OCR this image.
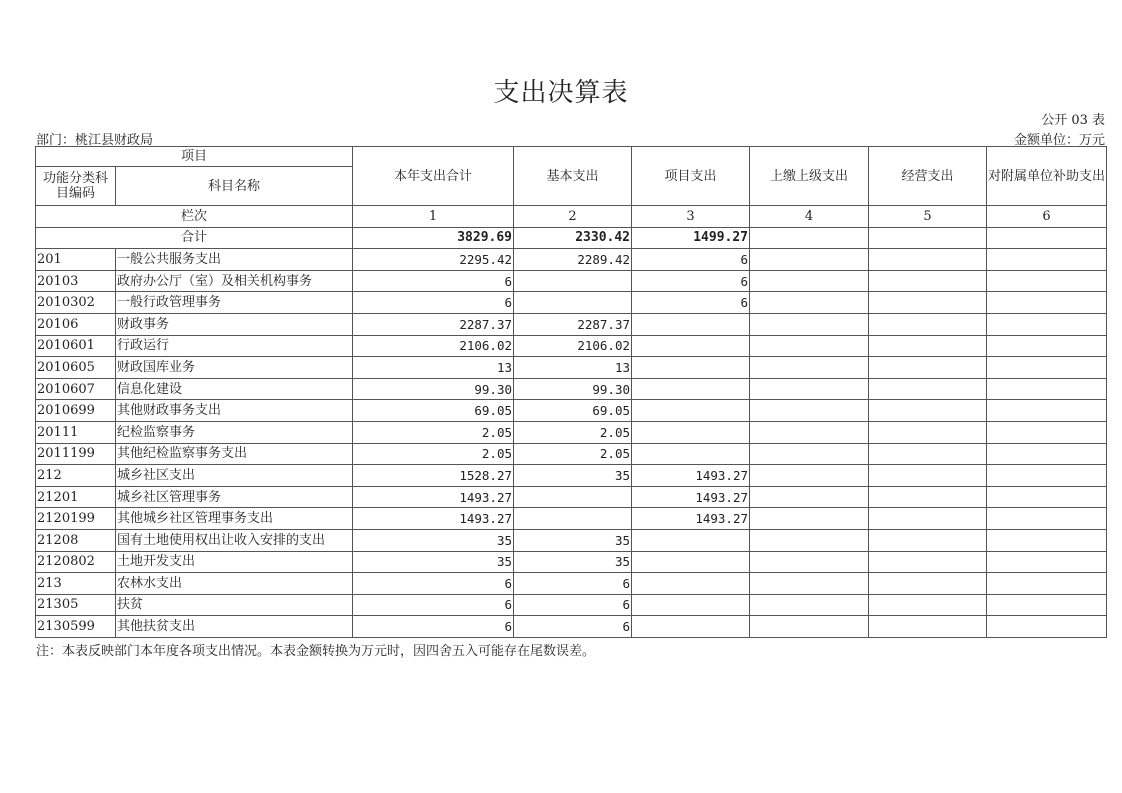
支出决算表
公开 03 表
部门：桃江县财政局	金额单位：万元
项目		本年支出合计	基本支出	项目支出	上缴上级支出	经营支出	对附属单位补助支出
功能分类科目编码	科目名称						
栏次		1	2	3	4	5	6
合计		3829.69	2330.42	1499.27			
201	一般公共服务支出	2295.42	2289.42	6			
20103	政府办公厅（室）及相关机构事务	6		6			
2010302	一般行政管理事务	6		6			
20106	财政事务	2287.37	2287.37				
2010601	行政运行	2106.02	2106.02				
2010605	财政国库业务	13	13				
2010607	信息化建设	99.30	99.30				
2010699	其他财政事务支出	69.05	69.05				
20111	纪检监察事务	2.05	2.05				
2011199	其他纪检监察事务支出	2.05	2.05				
212	城乡社区支出	1528.27	35	1493.27			
21201	城乡社区管理事务	1493.27		1493.27			
2120199	其他城乡社区管理事务支出	1493.27		1493.27			
21208	国有土地使用权出让收入安排的支出	35	35				
2120802	土地开发支出	35	35				
213	农林水支出	6	6				
21305	扶贫	6	6				
2130599	其他扶贫支出	6	6				
注：本表反映部门本年度各项支出情况。本表金额转换为万元时，因四舍五入可能存在尾数误差。
